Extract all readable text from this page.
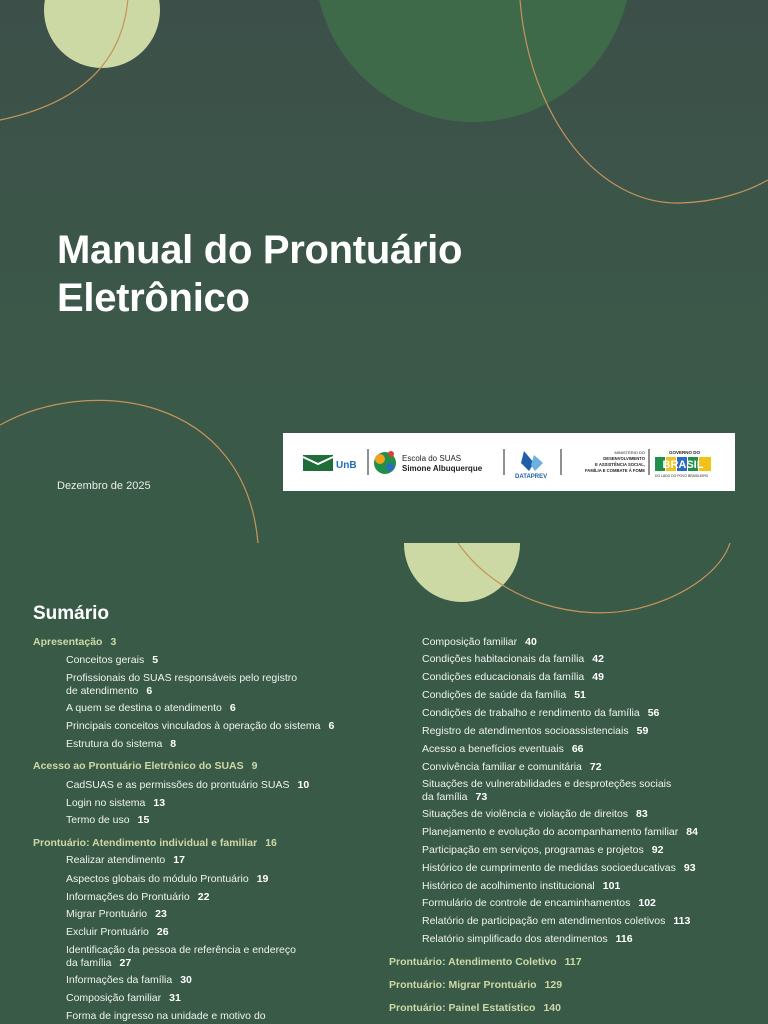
Manual do Prontuário
Eletrônico
Dezembro de 2025
UnB
Escola do SUAS
Simone Albuquerque
DATAPREV
MINISTÉRIO DO
DESENVOLVIMENTO
E ASSISTÊNCIA SOCIAL,
FAMÍLIA E COMBATE À FOME
GOVERNO DO
BRASIL
DO LADO DO POVO BRASILEIRO
Sumário
Apresentação 3
Conceitos gerais 5
Profissionais do SUAS responsáveis pelo registro
de atendimento 6
A quem se destina o atendimento 6
Principais conceitos vinculados à operação do sistema 6
Estrutura do sistema 8
Acesso ao Prontuário Eletrônico do SUAS 9
CadSUAS e as permissões do prontuário SUAS 10
Login no sistema 13
Termo de uso 15
Prontuário: Atendimento individual e familiar 16
Realizar atendimento 17
Aspectos globais do módulo Prontuário 19
Informações do Prontuário 22
Migrar Prontuário 23
Excluir Prontuário 26
Identificação da pessoa de referência e endereço
da família 27
Informações da família 30
Composição familiar 31
Forma de ingresso na unidade e motivo do
Composição familiar 40
Condições habitacionais da família 42
Condições educacionais da família 49
Condições de saúde da família 51
Condições de trabalho e rendimento da família 56
Registro de atendimentos socioassistenciais 59
Acesso a benefícios eventuais 66
Convivência familiar e comunitária 72
Situações de vulnerabilidades e desproteções sociais
da família 73
Situações de violência e violação de direitos 83
Planejamento e evolução do acompanhamento familiar 84
Participação em serviços, programas e projetos 92
Histórico de cumprimento de medidas socioeducativas 93
Histórico de acolhimento institucional 101
Formulário de controle de encaminhamentos 102
Relatório de participação em atendimentos coletivos 113
Relatório simplificado dos atendimentos 116
Prontuário: Atendimento Coletivo 117
Prontuário: Migrar Prontuário 129
Prontuário: Painel Estatístico 140
